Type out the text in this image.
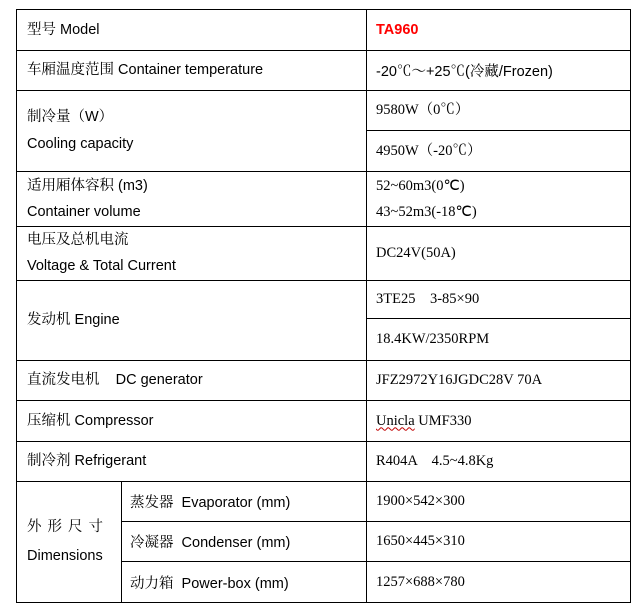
型号 Model		TA960
车厢温度范围 Container temperature		-20℃～+25℃(冷藏/Frozen)

制冷量（W）
Cooling capacity		9580W（0℃）
		4950W（-20℃）

适用厢体容积 (m3)
Container volume		52~60m3(0℃)
43~52m3(-18℃)

电压及总机电流
Voltage & Total Current		DC24V(50A)
发动机 Engine		3TE25    3-85×90
		18.4KW/2350RPM
直流发电机    DC generator		JFZ2972Y16JGDC28V 70A
压缩机 Compressor		Unicla UMF330
制冷剂 Refrigerant		R404A    4.5~4.8Kg

外形尺寸
Dimensions	蒸发器  Evaporator (mm)	1900×542×300
	冷凝器  Condenser (mm)	1650×445×310
	动力箱  Power-box (mm)	1257×688×780
